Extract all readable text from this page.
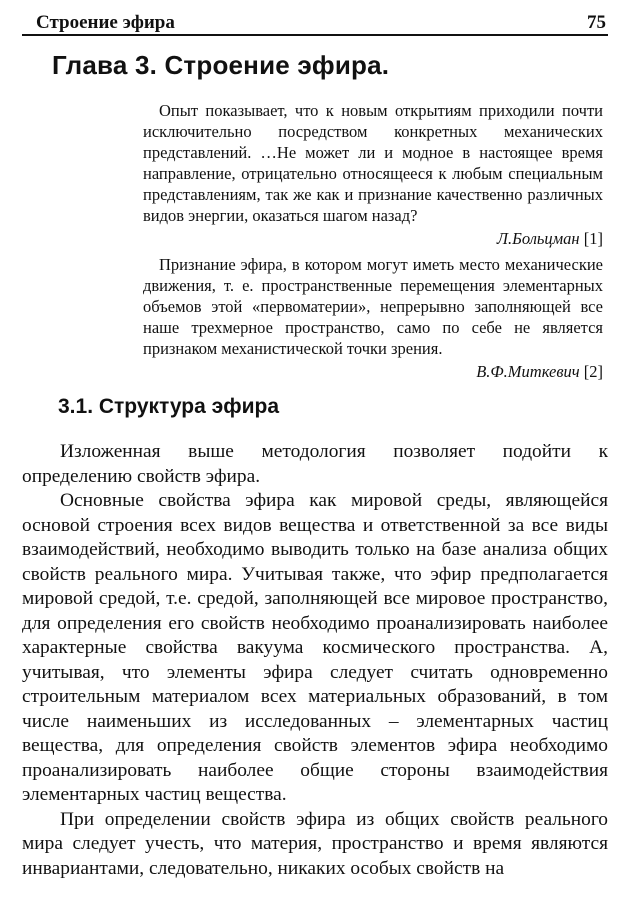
Строение эфира	75
Глава 3. Строение эфира.

Опыт показывает, что к новым открытиям приходили почти исключительно посредством конкретных механических представлений. …Не может ли и модное в настоящее время направление, отрицательно относящееся к любым специальным представлениям, так же как и признание качественно различных видов энергии, оказаться шагом назад?

Л.Больцман [1]

Признание эфира, в котором могут иметь место механические движения, т. е. пространственные перемещения элементарных объемов этой «первоматерии», непрерывно заполняющей все наше трехмерное пространство, само по себе не является признаком механистической точки зрения.

В.Ф.Миткевич [2]

3.1. Структура эфира

Изложенная выше методология позволяет подойти к определению свойств эфира.

Основные свойства эфира как мировой среды, являющейся основой строения всех видов вещества и ответственной за все виды взаимодействий, необходимо выводить только на базе анализа общих свойств реального мира. Учитывая также, что эфир предполагается мировой средой, т.е. средой, заполняющей все мировое пространство, для определения его свойств необходимо проанализировать наиболее характерные свойства вакуума космического пространства. А, учитывая, что элементы эфира следует считать одновременно строительным материалом всех материальных образований, в том числе наименьших из исследованных – элементарных частиц вещества, для определения свойств элементов эфира необходимо проанализировать наиболее общие стороны взаимодействия элементарных частиц вещества.

При определении свойств эфира из общих свойств реального мира следует учесть, что материя, пространство и время являются инвариантами, следовательно, никаких особых свойств на
